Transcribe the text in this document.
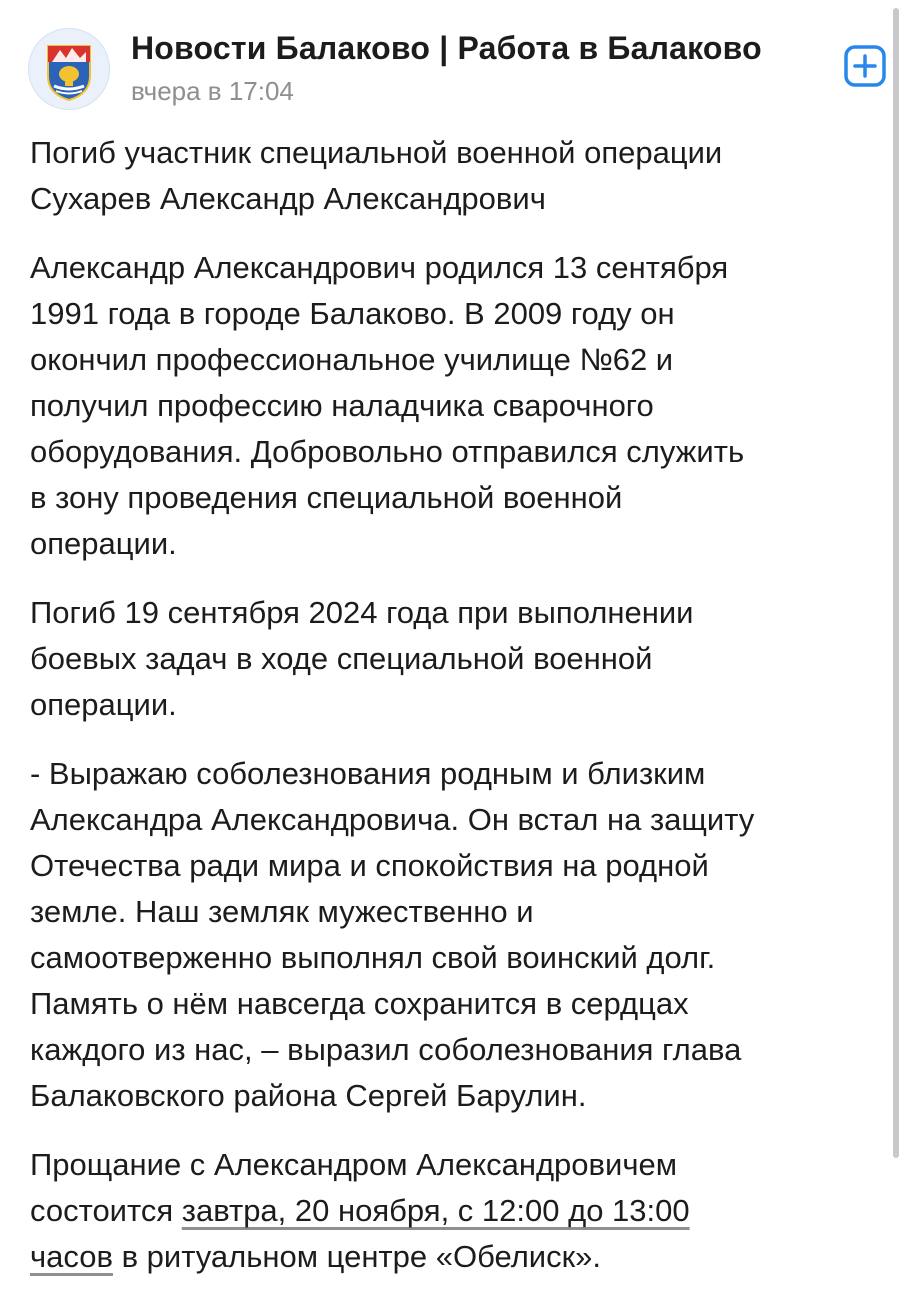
Новости Балаково | Работа в Балаково
вчера в 17:04

Погиб участник специальной военной операции
Сухарев Александр Александрович

Александр Александрович родился 13 сентября
1991 года в городе Балаково. В 2009 году он
окончил профессиональное училище №62 и
получил профессию наладчика сварочного
оборудования. Добровольно отправился служить
в зону проведения специальной военной
операции.

Погиб 19 сентября 2024 года при выполнении
боевых задач в ходе специальной военной
операции.

- Выражаю соболезнования родным и близким
Александра Александровича. Он встал на защиту
Отечества ради мира и спокойствия на родной
земле. Наш земляк мужественно и
самоотверженно выполнял свой воинский долг.
Память о нём навсегда сохранится в сердцах
каждого из нас, – выразил соболезнования глава
Балаковского района Сергей Барулин.

Прощание с Александром Александровичем
состоится завтра, 20 ноября, с 12:00 до 13:00
часов в ритуальном центре «Обелиск».
